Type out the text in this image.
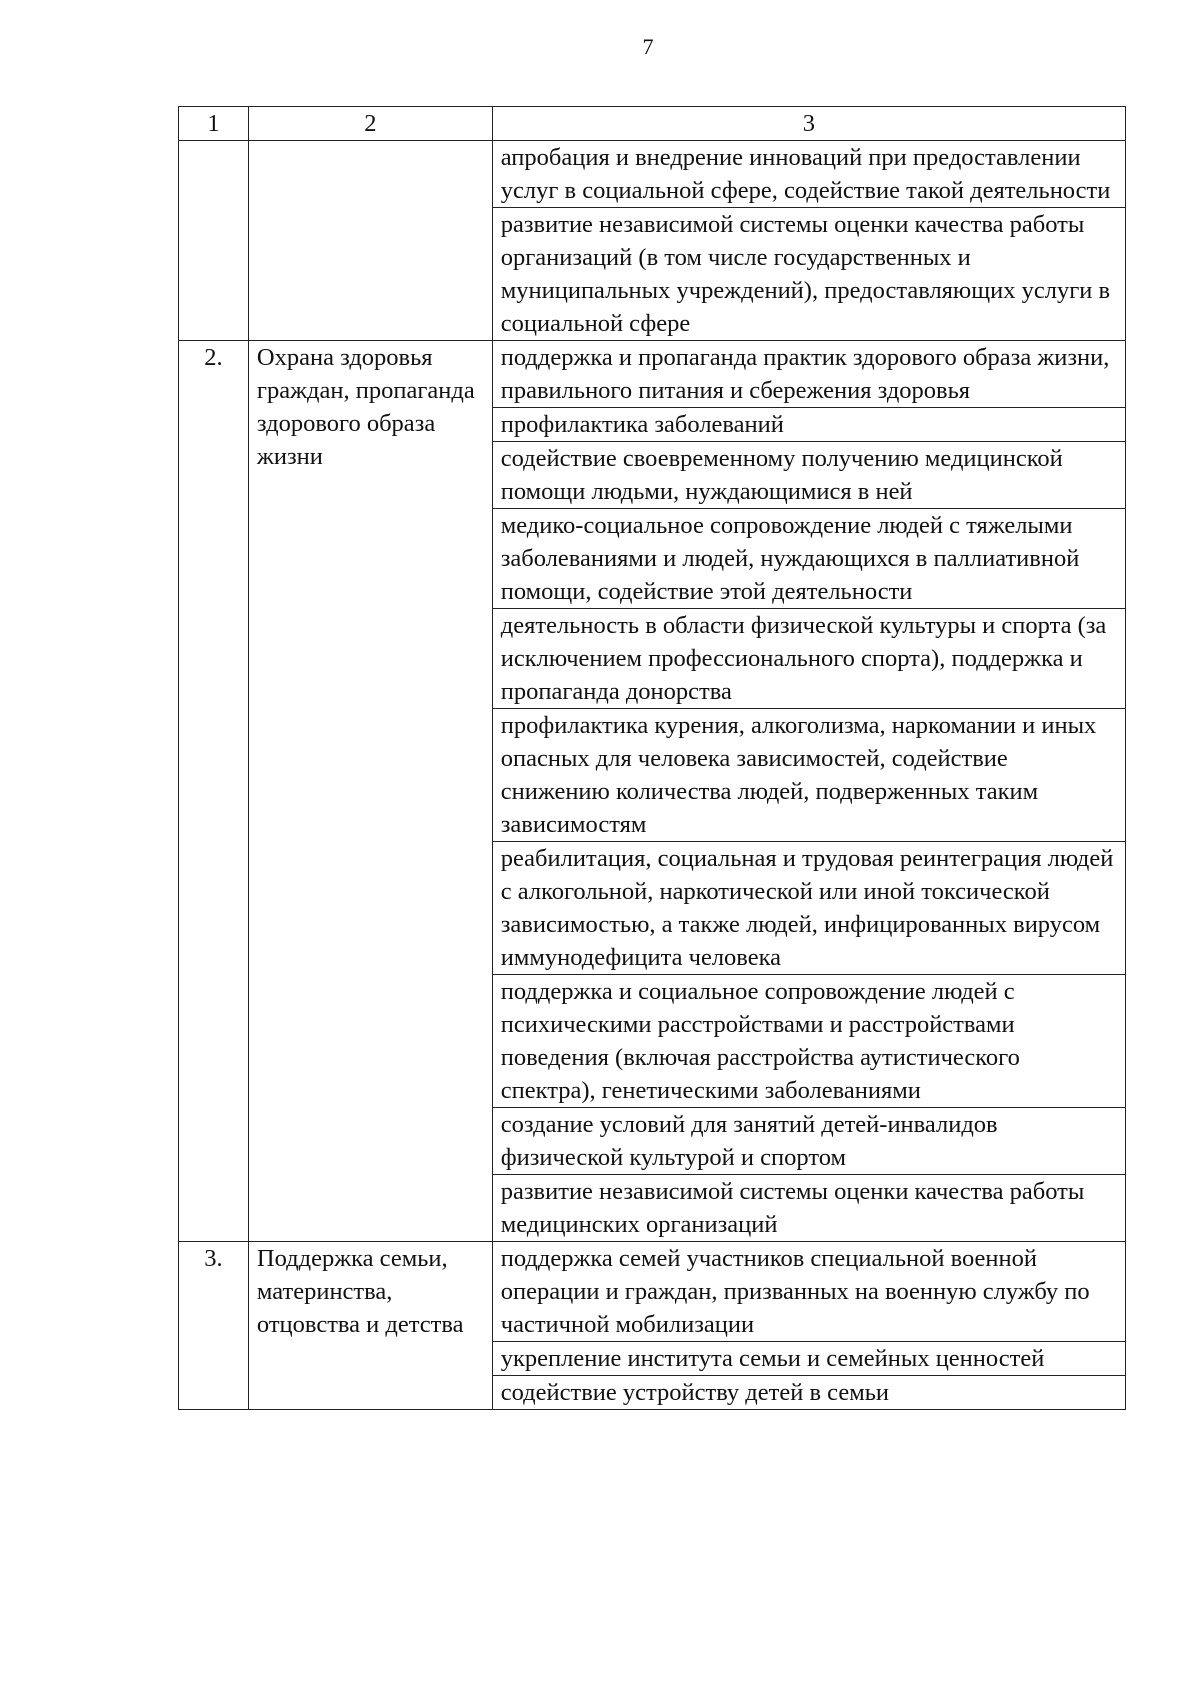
7
1	2	3
		апробация и внедрение инноваций при предоставлении услуг в социальной сфере, содействие такой деятельности
		развитие независимой системы оценки качества работы организаций (в том числе государственных и муниципальных учреждений), предоставляющих услуги в социальной сфере
2.	Охрана здоровья граждан, пропаганда здорового образа жизни	поддержка и пропаганда практик здорового образа жизни, правильного питания и сбережения здоровья
		профилактика заболеваний
		содействие своевременному получению медицинской помощи людьми, нуждающимися в ней
		медико-социальное сопровождение людей с тяжелыми заболеваниями и людей, нуждающихся в паллиативной помощи, содействие этой деятельности
		деятельность в области физической культуры и спорта (за исключением профессионального спорта), поддержка и пропаганда донорства
		профилактика курения, алкоголизма, наркомании и иных опасных для человека зависимостей, содействие снижению количества людей, подверженных таким зависимостям
		реабилитация, социальная и трудовая реинтеграция людей с алкогольной, наркотической или иной токсической зависимостью, а также людей, инфицированных вирусом иммунодефицита человека
		поддержка и социальное сопровождение людей с психическими расстройствами и расстройствами поведения (включая расстройства аутистического спектра), генетическими заболеваниями
		создание условий для занятий детей-инвалидов физической культурой и спортом
		развитие независимой системы оценки качества работы медицинских организаций
3.	Поддержка семьи, материнства, отцовства и детства	поддержка семей участников специальной военной операции и граждан, призванных на военную службу по частичной мобилизации
		укрепление института семьи и семейных ценностей
		содействие устройству детей в семьи
